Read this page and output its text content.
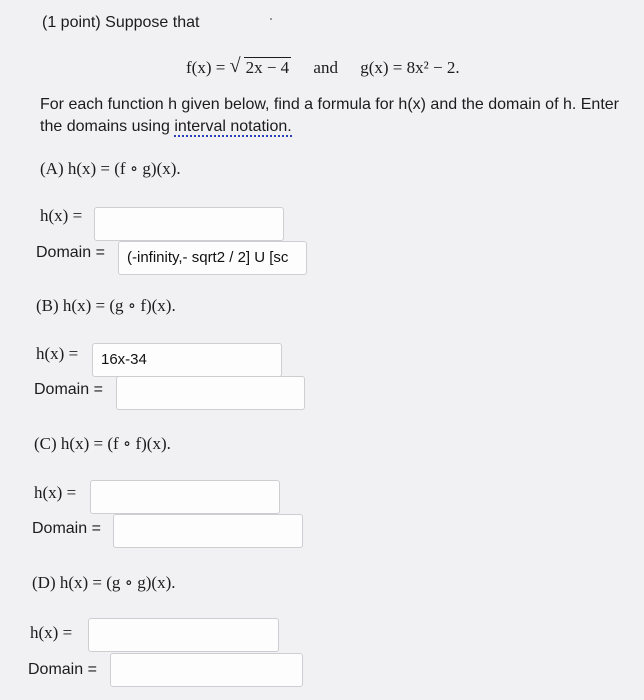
(1 point) Suppose that
f(x) = √ 2x − 4 and g(x) = 8x² − 2.
For each function h given below, find a formula for h(x) and the domain of h. Enter
the domains using interval notation.
(A) h(x) = (f ∘ g)(x).
h(x) =
Domain =	(-infinity,- sqrt2 / 2] U [sc
(B) h(x) = (g ∘ f)(x).
h(x) =	16x-34
Domain =
(C) h(x) = (f ∘ f)(x).
h(x) =
Domain =
(D) h(x) = (g ∘ g)(x).
h(x) =
Domain =
